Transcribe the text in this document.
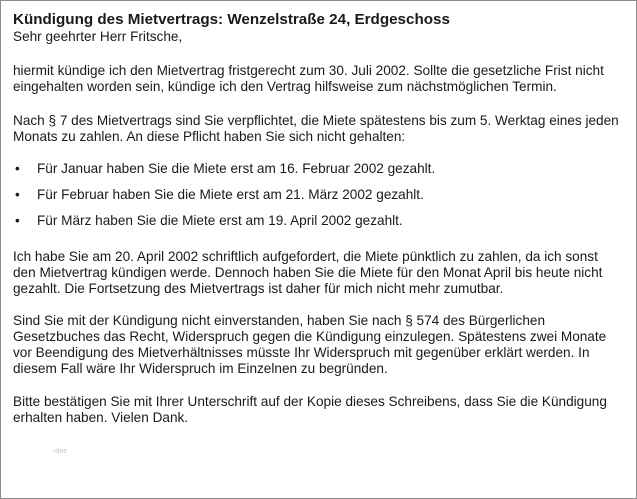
Kündigung des Mietvertrags: Wenzelstraße 24, Erdgeschoss

Sehr geehrter Herr Fritsche,

hiermit kündige ich den Mietvertrag fristgerecht zum 30. Juli 2002. Sollte die gesetzliche Frist nicht eingehalten worden sein, kündige ich den Vertrag hilfsweise zum nächstmöglichen Termin.

Nach § 7 des Mietvertrags sind Sie verpflichtet, die Miete spätestens bis zum 5. Werktag eines jeden Monats zu zahlen. An diese Pflicht haben Sie sich nicht gehalten:

• Für Januar haben Sie die Miete erst am 16. Februar 2002 gezahlt.
• Für Februar haben Sie die Miete erst am 21. März 2002 gezahlt.
• Für März haben Sie die Miete erst am 19. April 2002 gezahlt.

Ich habe Sie am 20. April 2002 schriftlich aufgefordert, die Miete pünktlich zu zahlen, da ich sonst den Mietvertrag kündigen werde. Dennoch haben Sie die Miete für den Monat April bis heute nicht gezahlt. Die Fortsetzung des Mietvertrags ist daher für mich nicht mehr zumutbar.

Sind Sie mit der Kündigung nicht einverstanden, haben Sie nach § 574 des Bürgerlichen Gesetzbuches das Recht, Widerspruch gegen die Kündigung einzulegen. Spätestens zwei Monate vor Beendigung des Mietverhältnisses müsste Ihr Widerspruch mit gegenüber erklärt werden. In diesem Fall wäre Ihr Widerspruch im Einzelnen zu begründen.

Bitte bestätigen Sie mit Ihrer Unterschrift auf der Kopie dieses Schreibens, dass Sie die Kündigung erhalten haben. Vielen Dank.

idee
